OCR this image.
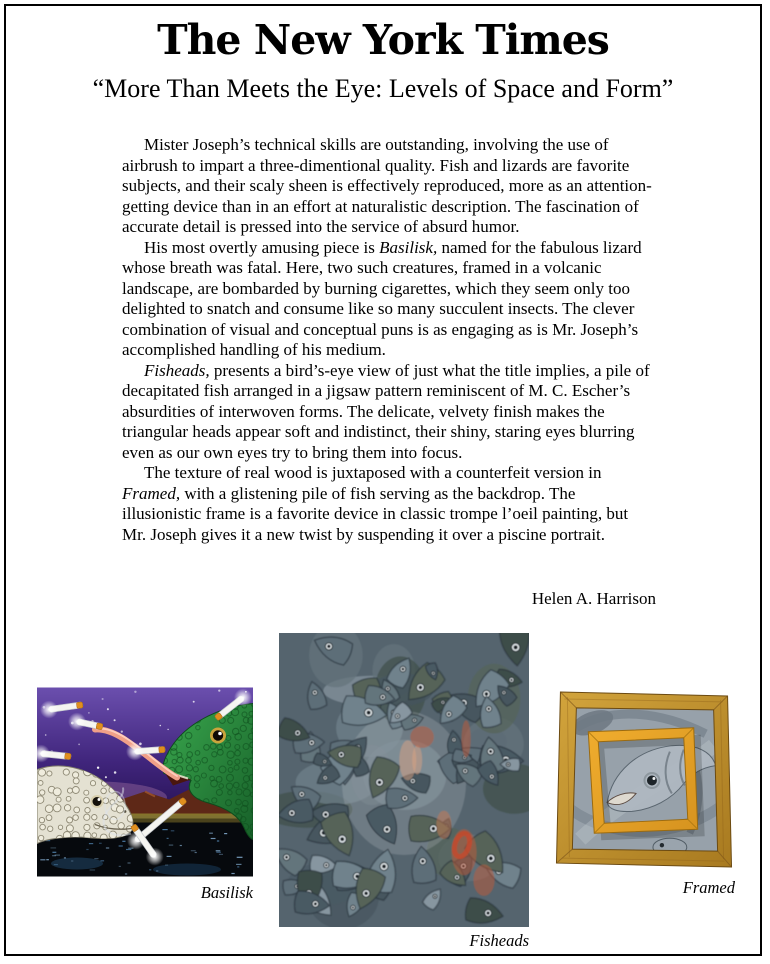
The New York Times
“More Than Meets the Eye: Levels of Space and Form”

Mister Joseph’s technical skills are outstanding, involving the use of airbrush to impart a three-dimentional quality. Fish and lizards are favorite subjects, and their scaly sheen is effectively reproduced, more as an attention-getting device than in an effort at naturalistic description. The fascination of accurate detail is pressed into the service of absurd humor.

His most overtly amusing piece is Basilisk, named for the fabulous lizard whose breath was fatal. Here, two such creatures, framed in a volcanic landscape, are bombarded by burning cigarettes, which they seem only too delighted to snatch and consume like so many succulent insects. The clever combination of visual and conceptual puns is as engaging as is Mr. Joseph’s accomplished handling of his medium.

Fisheads, presents a bird’s-eye view of just what the title implies, a pile of decapitated fish arranged in a jigsaw pattern reminiscent of M. C. Escher’s absurdities of interwoven forms. The delicate, velvety finish makes the triangular heads appear soft and indistinct, their shiny, staring eyes blurring even as our own eyes try to bring them into focus.

The texture of real wood is juxtaposed with a counterfeit version in Framed, with a glistening pile of fish serving as the backdrop. The illusionistic frame is a favorite device in classic trompe l’oeil painting, but Mr. Joseph gives it a new twist by suspending it over a piscine portrait.

Helen A. Harrison
Basilisk
Fisheads
Framed
